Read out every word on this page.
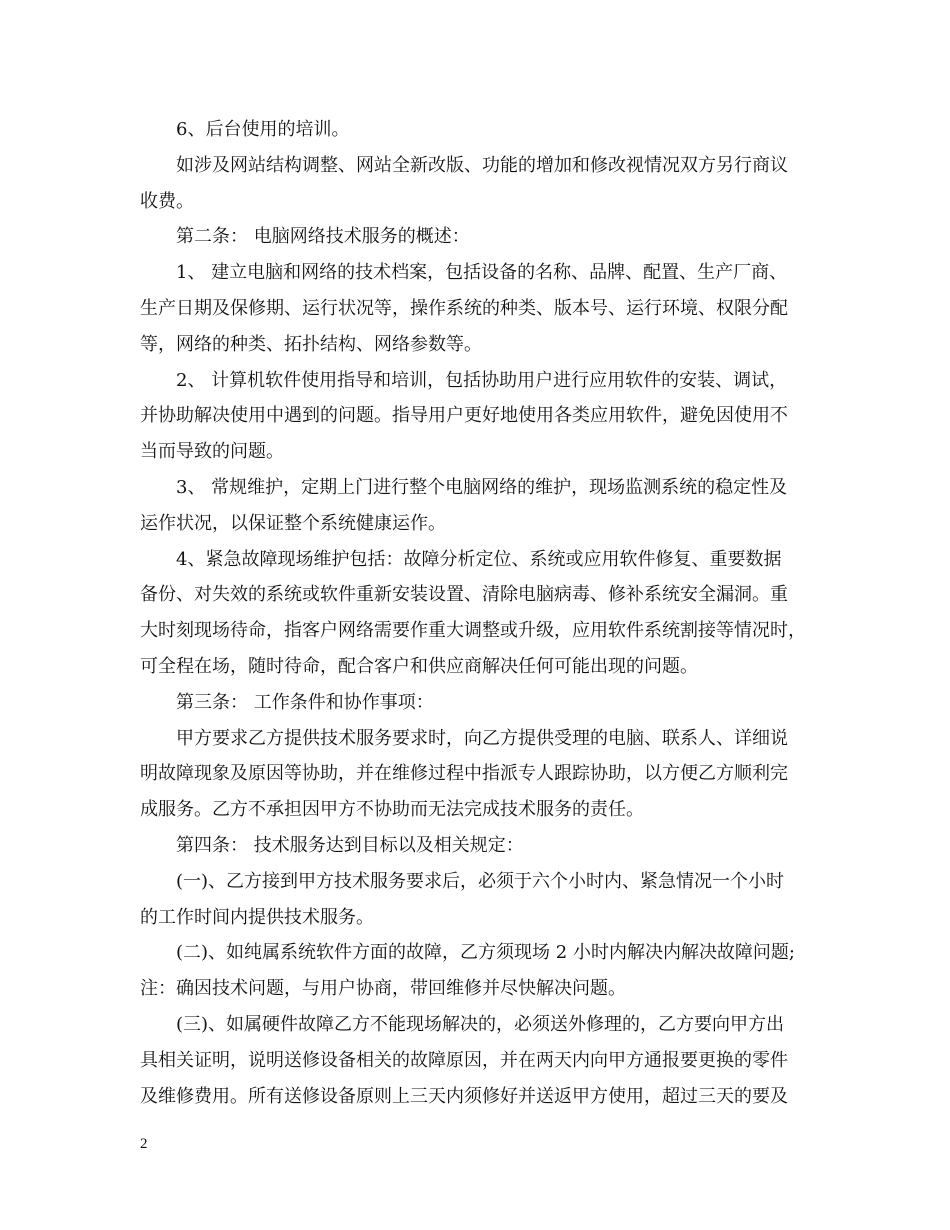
6、后台使用的培训。
如涉及网站结构调整、网站全新改版、功能的增加和修改视情况双方另行商议
收费。
第二条： 电脑网络技术服务的概述：
1、 建立电脑和网络的技术档案，包括设备的名称、品牌、配置、生产厂商、
生产日期及保修期、运行状况等，操作系统的种类、版本号、运行环境、权限分配
等，网络的种类、拓扑结构、网络参数等。
2、 计算机软件使用指导和培训，包括协助用户进行应用软件的安装、调试，
并协助解决使用中遇到的问题。指导用户更好地使用各类应用软件，避免因使用不
当而导致的问题。
3、 常规维护，定期上门进行整个电脑网络的维护，现场监测系统的稳定性及
运作状况，以保证整个系统健康运作。
4、紧急故障现场维护包括：故障分析定位、系统或应用软件修复、重要数据
备份、对失效的系统或软件重新安装设置、清除电脑病毒、修补系统安全漏洞。重
大时刻现场待命，指客户网络需要作重大调整或升级，应用软件系统割接等情况时，
可全程在场，随时待命，配合客户和供应商解决任何可能出现的问题。
第三条： 工作条件和协作事项：
甲方要求乙方提供技术服务要求时，向乙方提供受理的电脑、联系人、详细说
明故障现象及原因等协助，并在维修过程中指派专人跟踪协助，以方便乙方顺利完
成服务。乙方不承担因甲方不协助而无法完成技术服务的责任。
第四条： 技术服务达到目标以及相关规定：
(一)、乙方接到甲方技术服务要求后，必须于六个小时内、紧急情况一个小时
的工作时间内提供技术服务。
(二)、如纯属系统软件方面的故障，乙方须现场 2 小时内解决内解决故障问题;
注：确因技术问题，与用户协商，带回维修并尽快解决问题。
(三)、如属硬件故障乙方不能现场解决的，必须送外修理的，乙方要向甲方出
具相关证明，说明送修设备相关的故障原因，并在两天内向甲方通报要更换的零件
及维修费用。所有送修设备原则上三天内须修好并送返甲方使用，超过三天的要及
2
